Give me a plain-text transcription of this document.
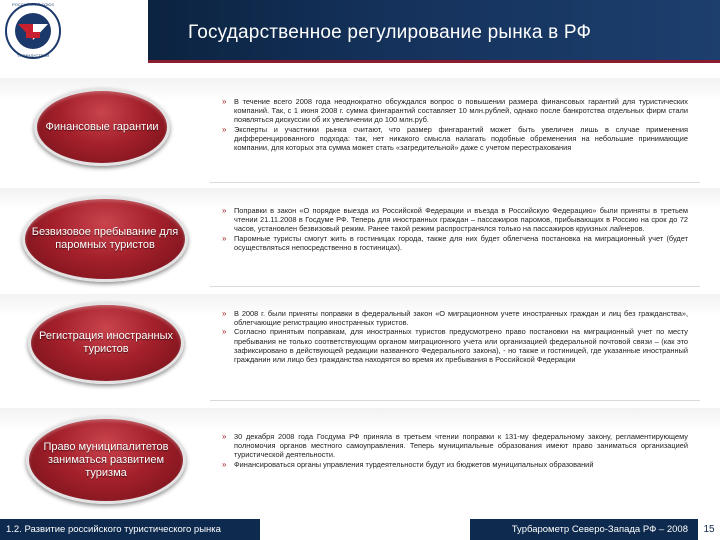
РОССИЙСКИЙ СОЮЗ
ТУРИНДУСТРИИ
Государственное регулирование рынка в РФ
Финансовые гарантии
» В течение всего 2008 года неоднократно обсуждался вопрос о повышении размера финансовых гарантий для туристических компаний. Так, с 1 июня 2008 г. сумма фингарантий составляет 10 млн.рублей, однако после банкротства отдельных фирм стали появляться дискуссии об их увеличении до 100 млн.руб.
» Эксперты и участники рынка считают, что размер фингарантий может быть увеличен лишь в случае применения дифференцированного подхода: так, нет никакого смысла налагать подобные обременения на небольшие принимающие компании, для которых эта сумма может стать «загредительной» даже с учетом перестрахования
Безвизовое пребывание для паромных туристов
» Поправки в закон «О порядке выезда из Российской Федерации и въезда в Российскую Федерацию» были приняты в третьем чтении 21.11.2008 в Госдуме РФ. Теперь для иностранных граждан – пассажиров паромов, прибывающих в Россию на срок до 72 часов, установлен безвизовый режим. Ранее такой режим распространялся только на пассажиров круизных лайнеров.
» Паромные туристы смогут жить в гостиницах города, также для них будет облегчена постановка на миграционный учет (будет осуществляться непосредственно в гостиницах).
Регистрация иностранных туристов
» В 2008 г. были приняты поправки в федеральный закон «О миграционном учете иностранных граждан и лиц без гражданства», облегчающие регистрацию иностранных туристов.
» Согласно принятым поправкам, для иностранных туристов предусмотрено право постановки на миграционный учет по месту пребывания не только соответствующим органом миграционного учета или организацией федеральной почтовой связи – (как это зафиксировано в действующей редакции названного Федерального закона), - но также и гостиницей, где указанные иностранный гражданин или лицо без гражданства находятся во время их пребывания в Российской Федерации
Право муниципалитетов заниматься развитием туризма
» 30 декабря 2008 года Госдума РФ приняла в третьем чтении поправки к 131-му федеральному закону, регламентирующему полномочия органов местного самоуправления. Теперь муниципальные образования имеют право заниматься организацией туристической деятельности.
» Финансироваться органы управления турдеятельности будут из бюджетов муниципальных образований
1.2. Развитие российского туристического рынка	Турбарометр Северо-Запада РФ – 2008	15
